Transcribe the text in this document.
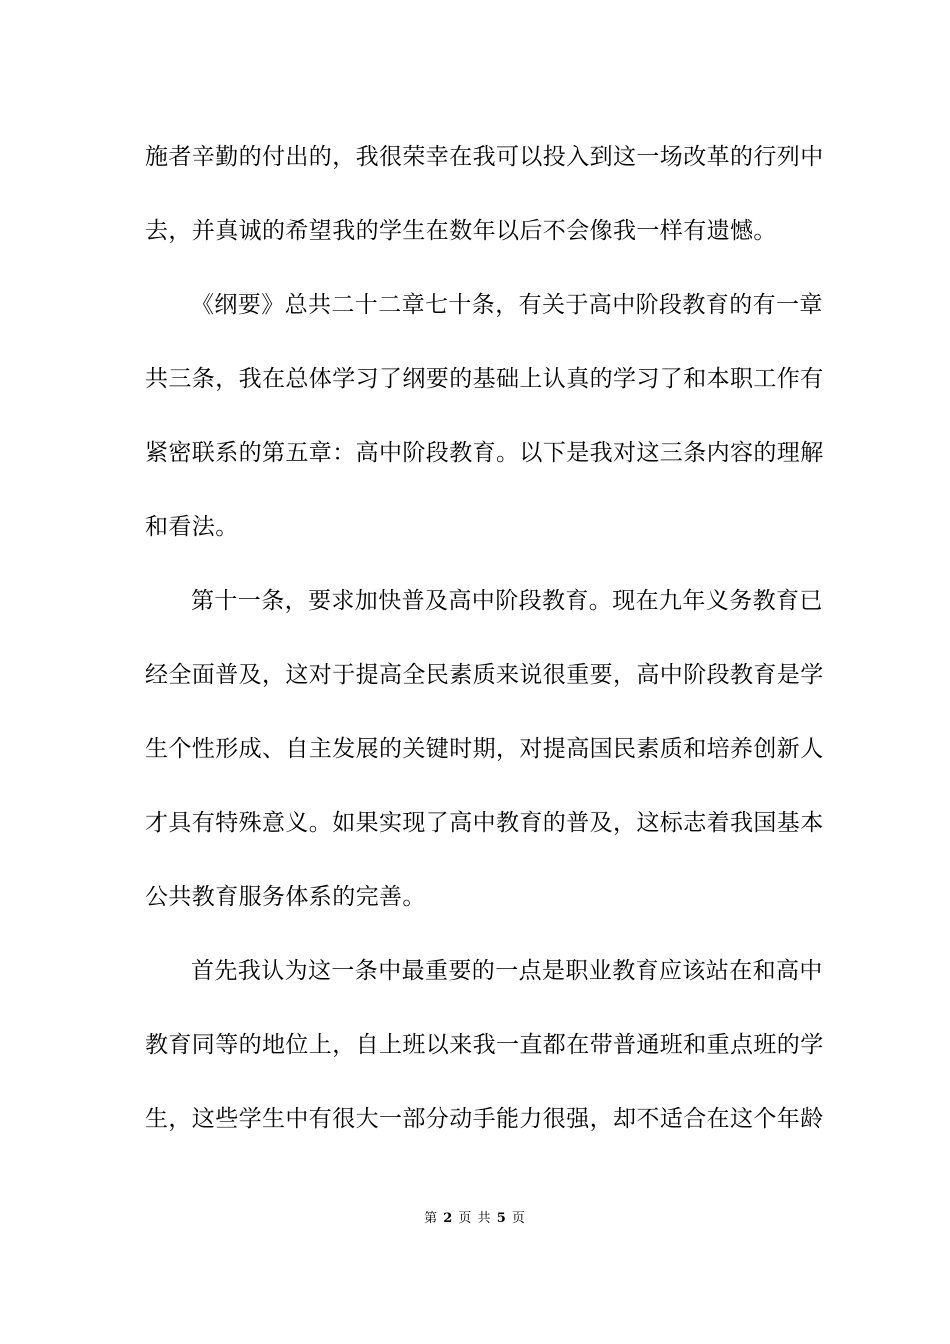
施者辛勤的付出的，我很荣幸在我可以投入到这一场改革的行列中
去，并真诚的希望我的学生在数年以后不会像我一样有遗憾。
《纲要》总共二十二章七十条，有关于高中阶段教育的有一章
共三条，我在总体学习了纲要的基础上认真的学习了和本职工作有
紧密联系的第五章：高中阶段教育。以下是我对这三条内容的理解
和看法。
第十一条，要求加快普及高中阶段教育。现在九年义务教育已
经全面普及，这对于提高全民素质来说很重要，高中阶段教育是学
生个性形成、自主发展的关键时期，对提高国民素质和培养创新人
才具有特殊意义。如果实现了高中教育的普及，这标志着我国基本
公共教育服务体系的完善。
首先我认为这一条中最重要的一点是职业教育应该站在和高中
教育同等的地位上，自上班以来我一直都在带普通班和重点班的学
生，这些学生中有很大一部分动手能力很强，却不适合在这个年龄
第 2 页 共 5 页
